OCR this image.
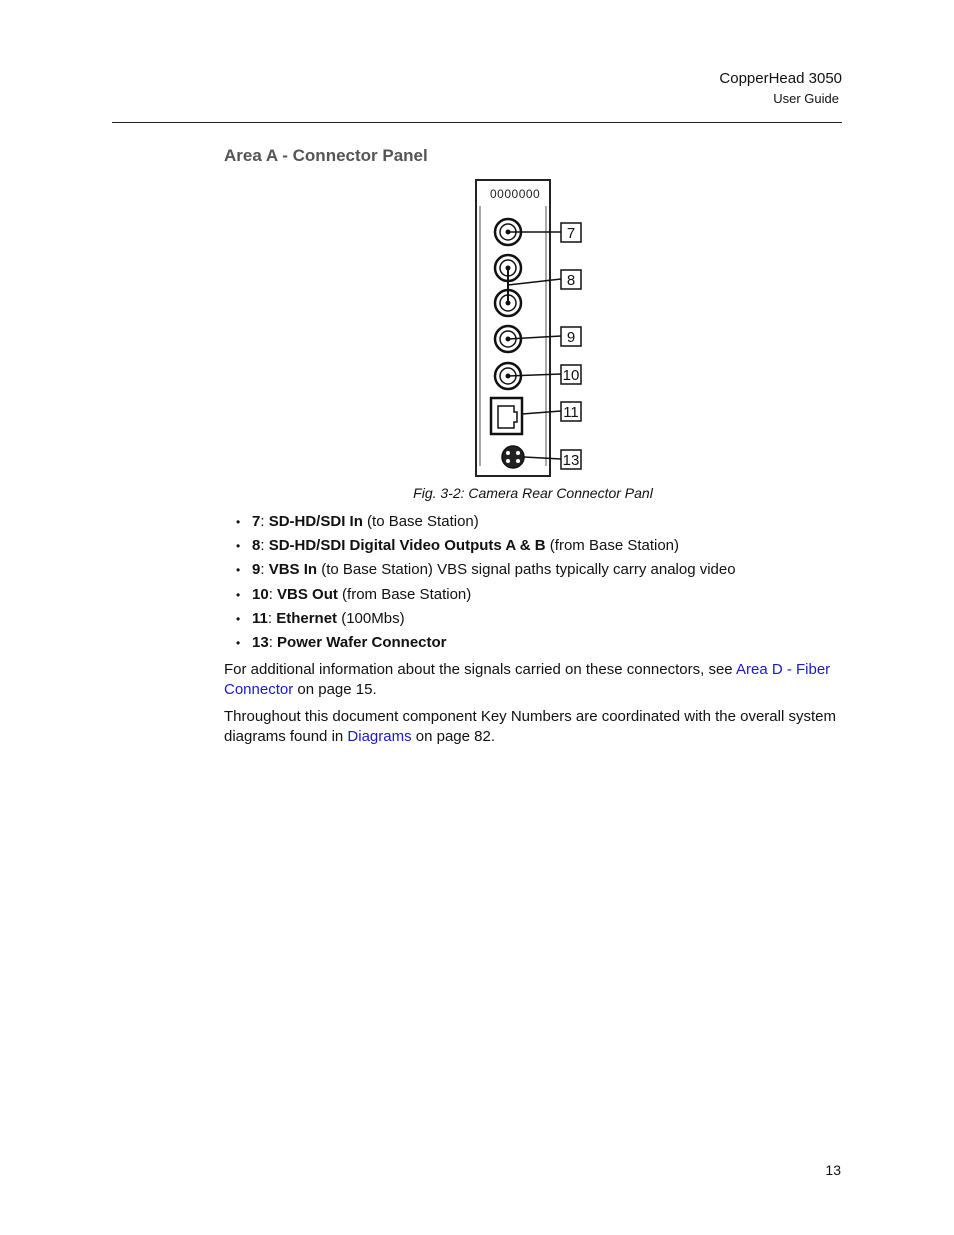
CopperHead 3050
User Guide
Area A - Connector Panel
0000000
7
8
9
10
11
13
Fig. 3-2: Camera Rear Connector Panl
• 7: SD-HD/SDI In (to Base Station)
• 8: SD-HD/SDI Digital Video Outputs A & B (from Base Station)
• 9: VBS In (to Base Station) VBS signal paths typically carry analog video
• 10: VBS Out (from Base Station)
• 11: Ethernet (100Mbs)
• 13: Power Wafer Connector

For additional information about the signals carried on these connectors, see Area D - Fiber Connector on page 15.

Throughout this document component Key Numbers are coordinated with the overall system diagrams found in Diagrams on page 82.

13
